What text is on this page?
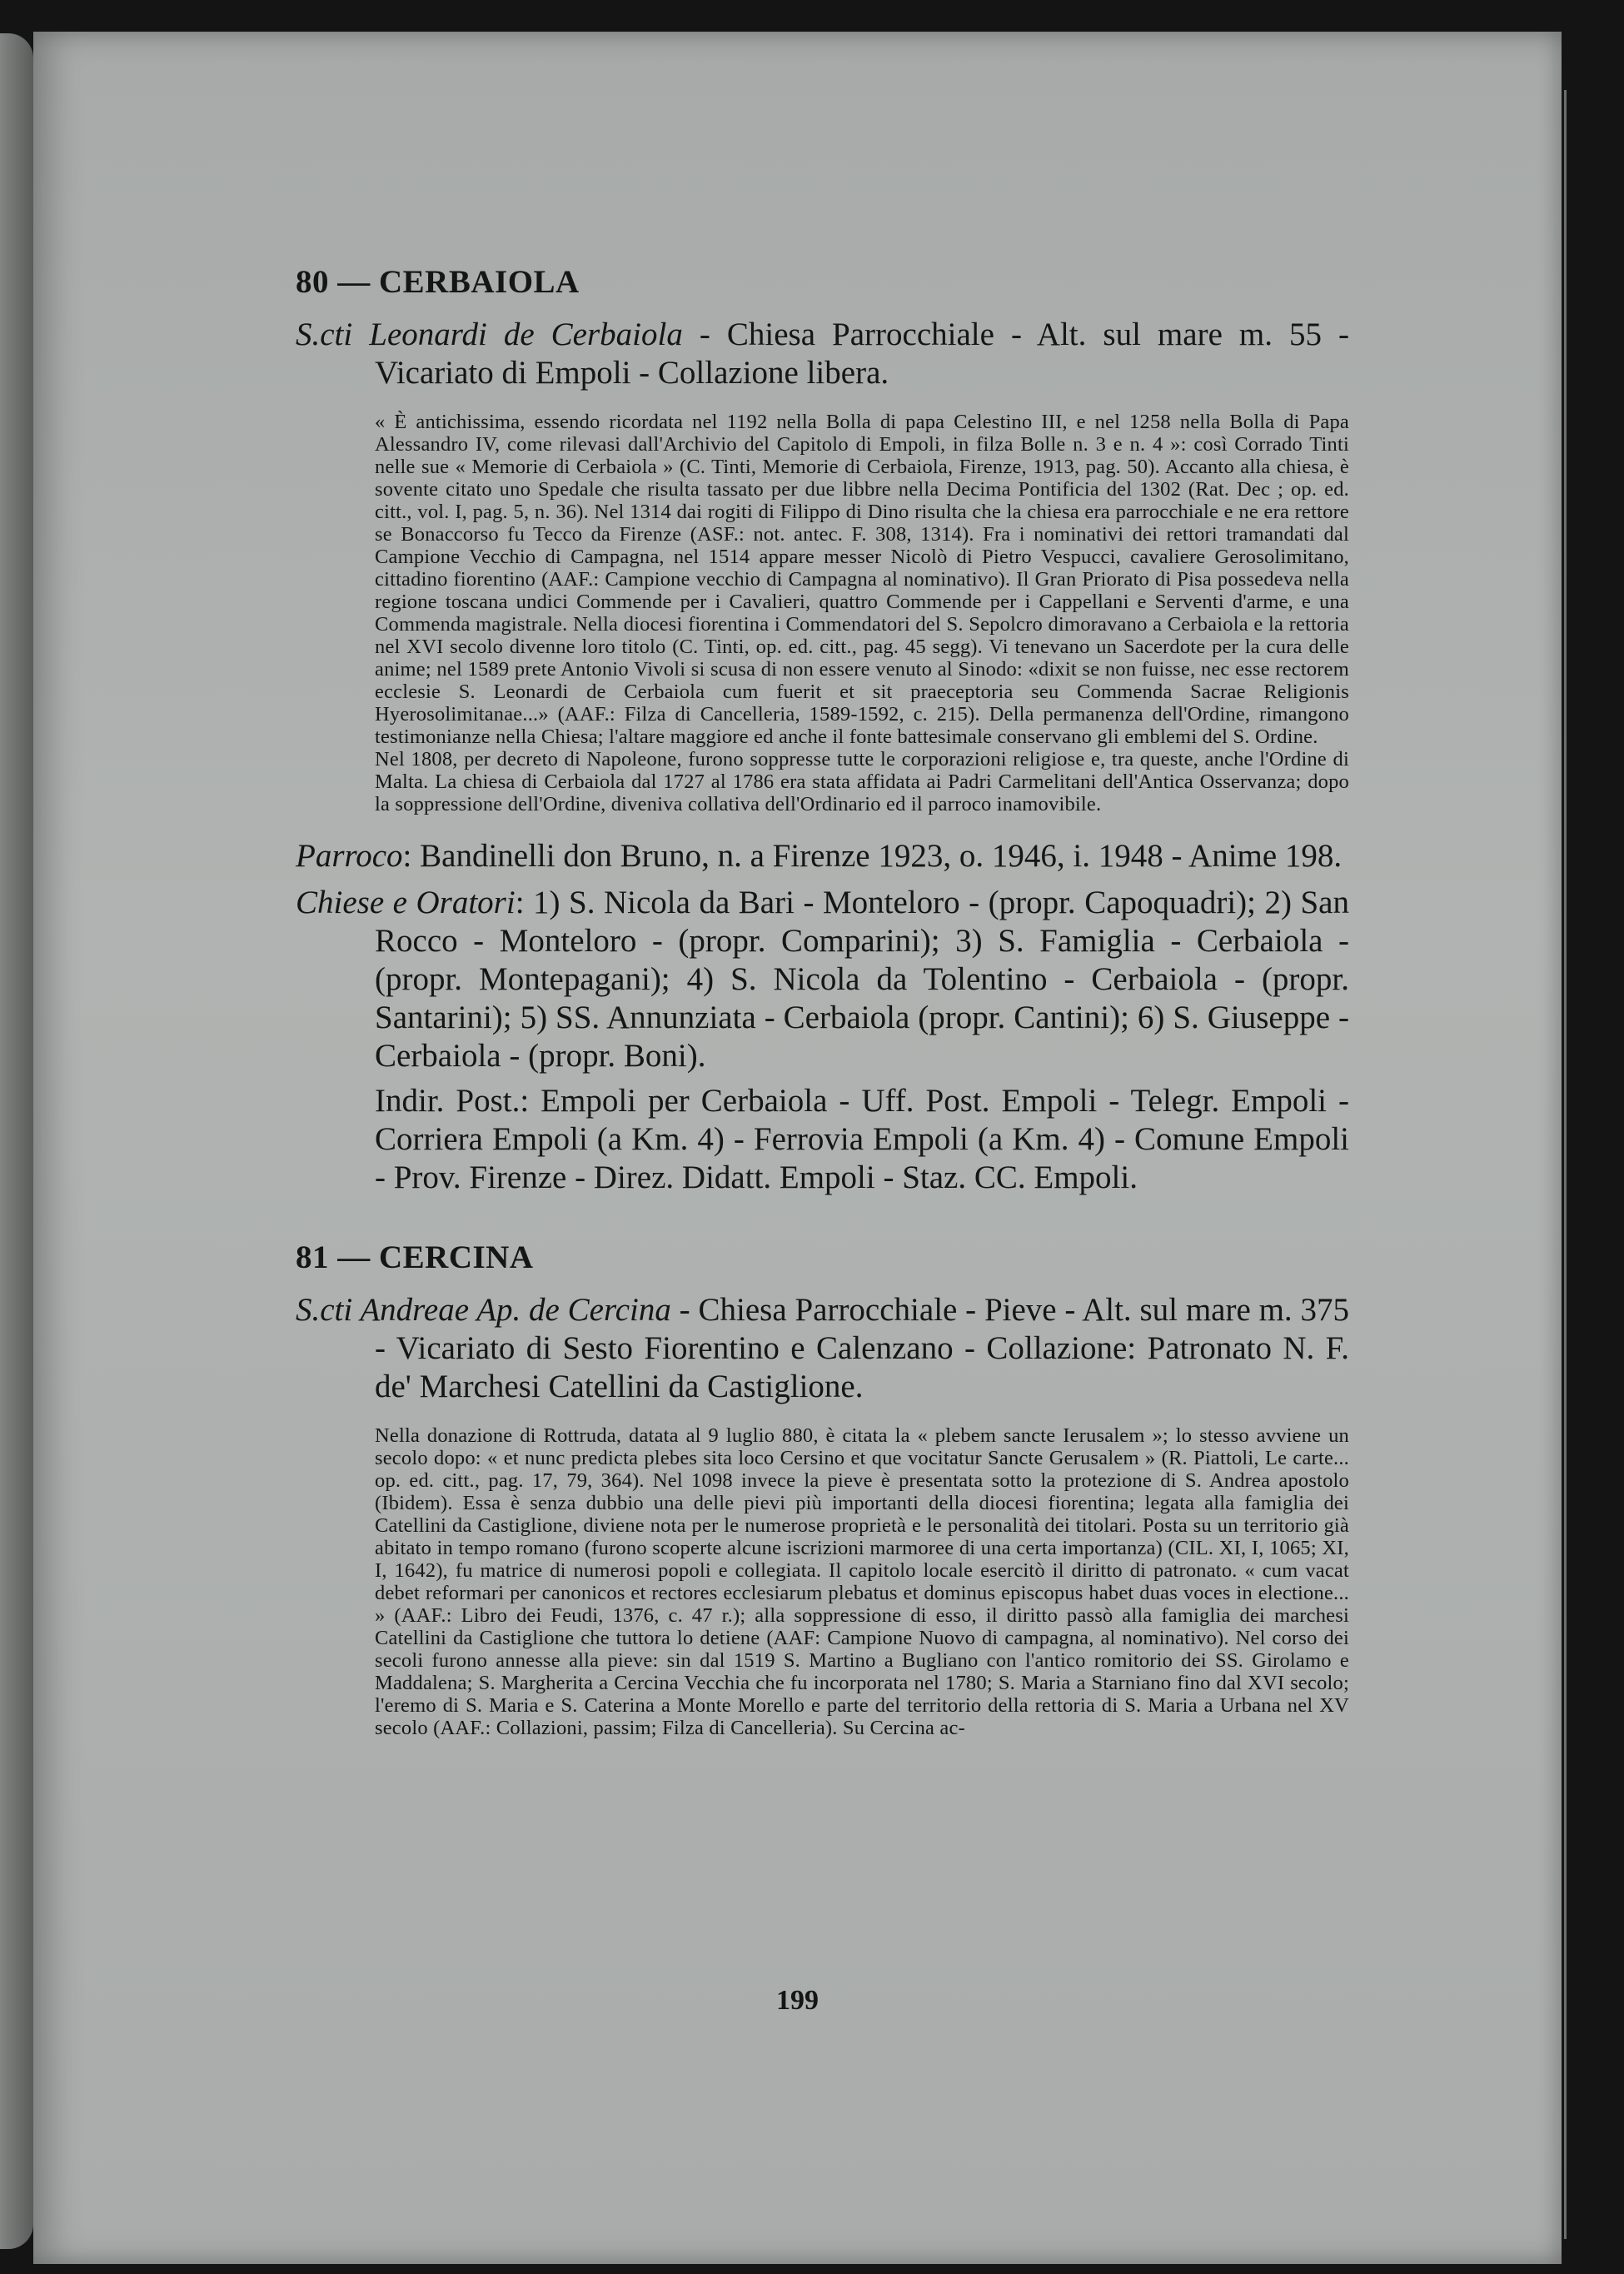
80 — CERBAIOLA

S.cti Leonardi de Cerbaiola - Chiesa Parrocchiale - Alt. sul mare m. 55 - Vicariato di Empoli - Collazione libera.

« È antichissima, essendo ricordata nel 1192 nella Bolla di papa Celestino III, e nel 1258 nella Bolla di Papa Alessandro IV, come rilevasi dall'Archivio del Capitolo di Empoli, in filza Bolle n. 3 e n. 4 »: così Corrado Tinti nelle sue « Memorie di Cerbaiola » (C. Tinti, Memorie di Cerbaiola, Firenze, 1913, pag. 50). Accanto alla chiesa, è sovente citato uno Spedale che risulta tassato per due libbre nella Decima Pontificia del 1302 (Rat. Dec ; op. ed. citt., vol. I, pag. 5, n. 36). Nel 1314 dai rogiti di Filippo di Dino risulta che la chiesa era parrocchiale e ne era rettore se Bonaccorso fu Tecco da Firenze (ASF.: not. antec. F. 308, 1314). Fra i nominativi dei rettori tramandati dal Campione Vecchio di Campagna, nel 1514 appare messer Nicolò di Pietro Vespucci, cavaliere Gerosolimitano, cittadino fiorentino (AAF.: Campione vecchio di Campagna al nominativo). Il Gran Priorato di Pisa possedeva nella regione toscana undici Commende per i Cavalieri, quattro Commende per i Cappellani e Serventi d'arme, e una Commenda magistrale. Nella diocesi fiorentina i Commendatori del S. Sepolcro dimoravano a Cerbaiola e la rettoria nel XVI secolo divenne loro titolo (C. Tinti, op. ed. citt., pag. 45 segg). Vi tenevano un Sacerdote per la cura delle anime; nel 1589 prete Antonio Vivoli si scusa di non essere venuto al Sinodo: «dixit se non fuisse, nec esse rectorem ecclesie S. Leonardi de Cerbaiola cum fuerit et sit praeceptoria seu Commenda Sacrae Religionis Hyerosolimitanae...» (AAF.: Filza di Cancelleria, 1589-1592, c. 215). Della permanenza dell'Ordine, rimangono testimonianze nella Chiesa; l'altare maggiore ed anche il fonte battesimale conservano gli emblemi del S. Ordine.

Nel 1808, per decreto di Napoleone, furono soppresse tutte le corporazioni religiose e, tra queste, anche l'Ordine di Malta. La chiesa di Cerbaiola dal 1727 al 1786 era stata affidata ai Padri Carmelitani dell'Antica Osservanza; dopo la soppressione dell'Ordine, diveniva collativa dell'Ordinario ed il parroco inamovibile.

Parroco: Bandinelli don Bruno, n. a Firenze 1923, o. 1946, i. 1948 - Anime 198.

Chiese e Oratori: 1) S. Nicola da Bari - Monteloro - (propr. Capoquadri); 2) San Rocco - Monteloro - (propr. Comparini); 3) S. Famiglia - Cerbaiola - (propr. Montepagani); 4) S. Nicola da Tolentino - Cerbaiola - (propr. Santarini); 5) SS. Annunziata - Cerbaiola (propr. Cantini); 6) S. Giuseppe - Cerbaiola - (propr. Boni).

Indir. Post.: Empoli per Cerbaiola - Uff. Post. Empoli - Telegr. Empoli - Corriera Empoli (a Km. 4) - Ferrovia Empoli (a Km. 4) - Comune Empoli - Prov. Firenze - Direz. Didatt. Empoli - Staz. CC. Empoli.

81 — CERCINA

S.cti Andreae Ap. de Cercina - Chiesa Parrocchiale - Pieve - Alt. sul mare m. 375 - Vicariato di Sesto Fiorentino e Calenzano - Collazione: Patronato N. F. de' Marchesi Catellini da Castiglione.

Nella donazione di Rottruda, datata al 9 luglio 880, è citata la « plebem sancte Ierusalem »; lo stesso avviene un secolo dopo: « et nunc predicta plebes sita loco Cersino et que vocitatur Sancte Gerusalem » (R. Piattoli, Le carte... op. ed. citt., pag. 17, 79, 364). Nel 1098 invece la pieve è presentata sotto la protezione di S. Andrea apostolo (Ibidem). Essa è senza dubbio una delle pievi più importanti della diocesi fiorentina; legata alla famiglia dei Catellini da Castiglione, diviene nota per le numerose proprietà e le personalità dei titolari. Posta su un territorio già abitato in tempo romano (furono scoperte alcune iscrizioni marmoree di una certa importanza) (CIL. XI, I, 1065; XI, I, 1642), fu matrice di numerosi popoli e collegiata. Il capitolo locale esercitò il diritto di patronato. « cum vacat debet reformari per canonicos et rectores ecclesiarum plebatus et dominus episcopus habet duas voces in electione... » (AAF.: Libro dei Feudi, 1376, c. 47 r.); alla soppressione di esso, il diritto passò alla famiglia dei marchesi Catellini da Castiglione che tuttora lo detiene (AAF: Campione Nuovo di campagna, al nominativo). Nel corso dei secoli furono annesse alla pieve: sin dal 1519 S. Martino a Bugliano con l'antico romitorio dei SS. Girolamo e Maddalena; S. Margherita a Cercina Vecchia che fu incorporata nel 1780; S. Maria a Starniano fino dal XVI secolo; l'eremo di S. Maria e S. Caterina a Monte Morello e parte del territorio della rettoria di S. Maria a Urbana nel XV secolo (AAF.: Collazioni, passim; Filza di Cancelleria). Su Cercina ac-

199
